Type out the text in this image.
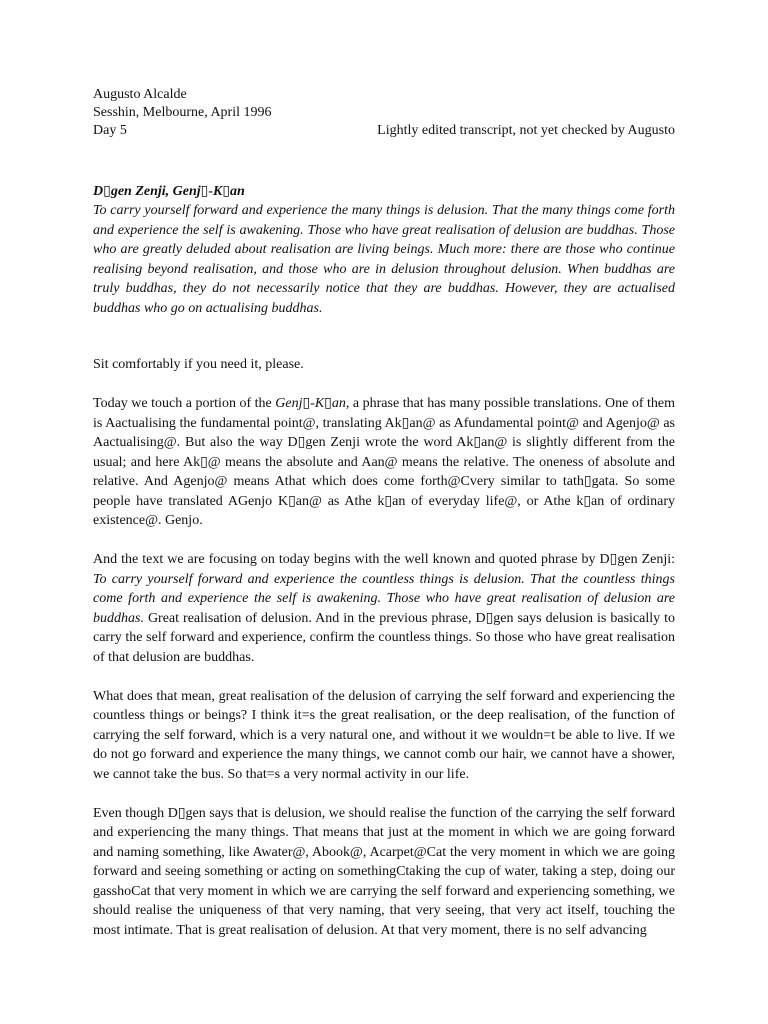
Augusto Alcalde
Sesshin, Melbourne, April 1996
Day 5	Lightly edited transcript, not yet checked by Augusto
D▯gen Zenji, Genj▯-K▯an

To carry yourself forward and experience the many things is delusion. That the many things come forth and experience the self is awakening. Those who have great realisation of delusion are buddhas. Those who are greatly deluded about realisation are living beings. Much more: there are those who continue realising beyond realisation, and those who are in delusion throughout delusion. When buddhas are truly buddhas, they do not necessarily notice that they are buddhas. However, they are actualised buddhas who go on actualising buddhas.

Sit comfortably if you need it, please.

Today we touch a portion of the Genj▯-K▯an, a phrase that has many possible translations. One of them is Aactualising the fundamental point@, translating Ak▯an@ as Afundamental point@ and Agenjo@ as Aactualising@. But also the way D▯gen Zenji wrote the word Ak▯an@ is slightly different from the usual; and here Ak▯@ means the absolute and Aan@ means the relative. The oneness of absolute and relative. And Agenjo@ means Athat which does come forth@Cvery similar to tath▯gata. So some people have translated AGenjo K▯an@ as Athe k▯an of everyday life@, or Athe k▯an of ordinary existence@. Genjo.

And the text we are focusing on today begins with the well known and quoted phrase by D▯gen Zenji: To carry yourself forward and experience the countless things is delusion. That the countless things come forth and experience the self is awakening. Those who have great realisation of delusion are buddhas. Great realisation of delusion. And in the previous phrase, D▯gen says delusion is basically to carry the self forward and experience, confirm the countless things. So those who have great realisation of that delusion are buddhas.

What does that mean, great realisation of the delusion of carrying the self forward and experiencing the countless things or beings? I think it=s the great realisation, or the deep realisation, of the function of carrying the self forward, which is a very natural one, and without it we wouldn=t be able to live. If we do not go forward and experience the many things, we cannot comb our hair, we cannot have a shower, we cannot take the bus. So that=s a very normal activity in our life.

Even though D▯gen says that is delusion, we should realise the function of the carrying the self forward and experiencing the many things. That means that just at the moment in which we are going forward and naming something, like Awater@, Abook@, Acarpet@Cat the very moment in which we are going forward and seeing something or acting on somethingCtaking the cup of water, taking a step, doing our gasshoCat that very moment in which we are carrying the self forward and experiencing something, we should realise the uniqueness of that very naming, that very seeing, that very act itself, touching the most intimate. That is great realisation of delusion. At that very moment, there is no self advancing
